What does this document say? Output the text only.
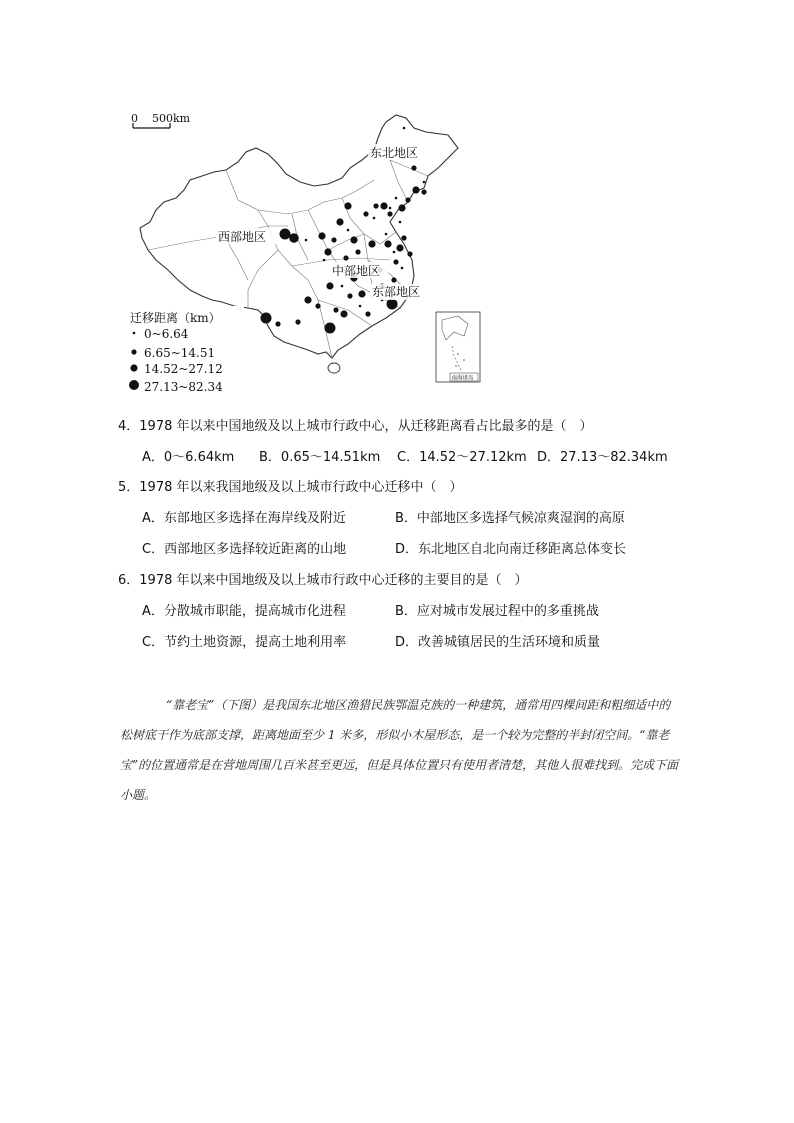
0 500km
东北地区
西部地区
中部地区
东部地区
迁移距离（km）
0~6.64
6.65~14.51
14.52~27.12
27.13~82.34
南海诸岛
4．1978 年以来中国地级及以上城市行政中心，从迁移距离看占比最多的是（　）
A．0～6.64km B．0.65～14.51km C．14.52～27.12km D．27.13～82.34km
5．1978 年以来我国地级及以上城市行政中心迁移中（　）
A．东部地区多选择在海岸线及附近	B．中部地区多选择气候凉爽湿润的高原
C．西部地区多选择较近距离的山地	D．东北地区自北向南迁移距离总体变长
6．1978 年以来中国地级及以上城市行政中心迁移的主要目的是（　）
A．分散城市职能，提高城市化进程	B．应对城市发展过程中的多重挑战
C．节约土地资源，提高土地利用率	D．改善城镇居民的生活环境和质量
“靠老宝”（下图）是我国东北地区渔猎民族鄂温克族的一种建筑，通常用四棵间距和粗细适中的松树底干作为底部支撑，距离地面至少 1 米多，形似小木屋形态，是一个较为完整的半封闭空间。“靠老宝”的位置通常是在营地周围几百米甚至更远，但是具体位置只有使用者清楚，其他人很难找到。完成下面小题。
